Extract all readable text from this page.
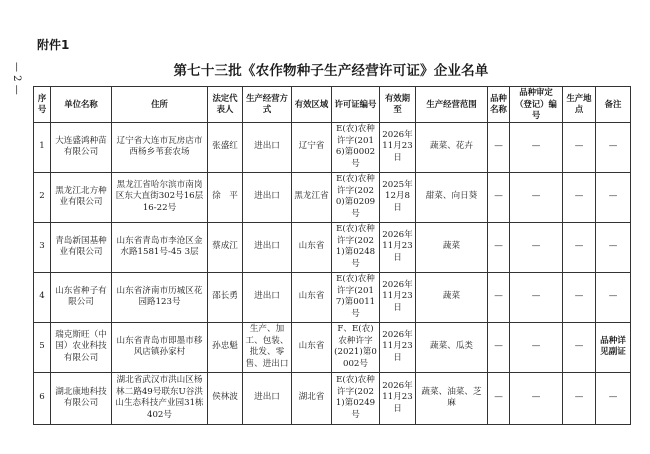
附件1
— 2 —	第七十三批《农作物种子生产经营许可证》企业名单
序号	单位名称	住所	法定代表人	生产经营方式	有效区域	许可证编号	有效期至	生产经营范围	品种名称	品种审定（登记）编号	生产地点	备注
1	大连盛鸿种苗有限公司	辽宁省大连市瓦房店市西杨乡苇套农场	张盛红	进出口	辽宁省	E(农)农种许字(2016)第0002号	2026年11月23日	蔬菜、花卉	—	—	—	—
2	黑龙江北方种业有限公司	黑龙江省哈尔滨市南岗区东大直街302号16层16-22号	徐　平	进出口	黑龙江省	E(农)农种许字(2020)第0209号	2025年12月8日	甜菜、向日葵	—	—	—	—
3	青岛新国基种业有限公司	山东省青岛市李沧区金水路1581号-45 3层	蔡成江	进出口	山东省	E(农)农种许字(2021)第0248号	2026年11月23日	蔬菜	—	—	—	—
4	山东省种子有限公司	山东省济南市历城区花园路123号	邵长勇	进出口	山东省	E(农)农种许字(2017)第0011号	2026年11月23日	蔬菜	—	—	—	—
5	瑞克斯旺（中国）农业科技有限公司	山东省青岛市即墨市移风店镇孙家村	孙忠魁	生产、加工、包装、批发、零售、进出口	山东省	F、E(农)农种许字(2021)第0002号	2026年11月23日	蔬菜、瓜类	—	—	—	品种详见副证
6	湖北康地科技有限公司	湖北省武汉市洪山区杨林二路49号联东U谷洪山生态科技产业园31栋402号	侯林波	进出口	湖北省	E(农)农种许字(2021)第0249号	2026年11月23日	蔬菜、油菜、芝麻	—	—	—	—
